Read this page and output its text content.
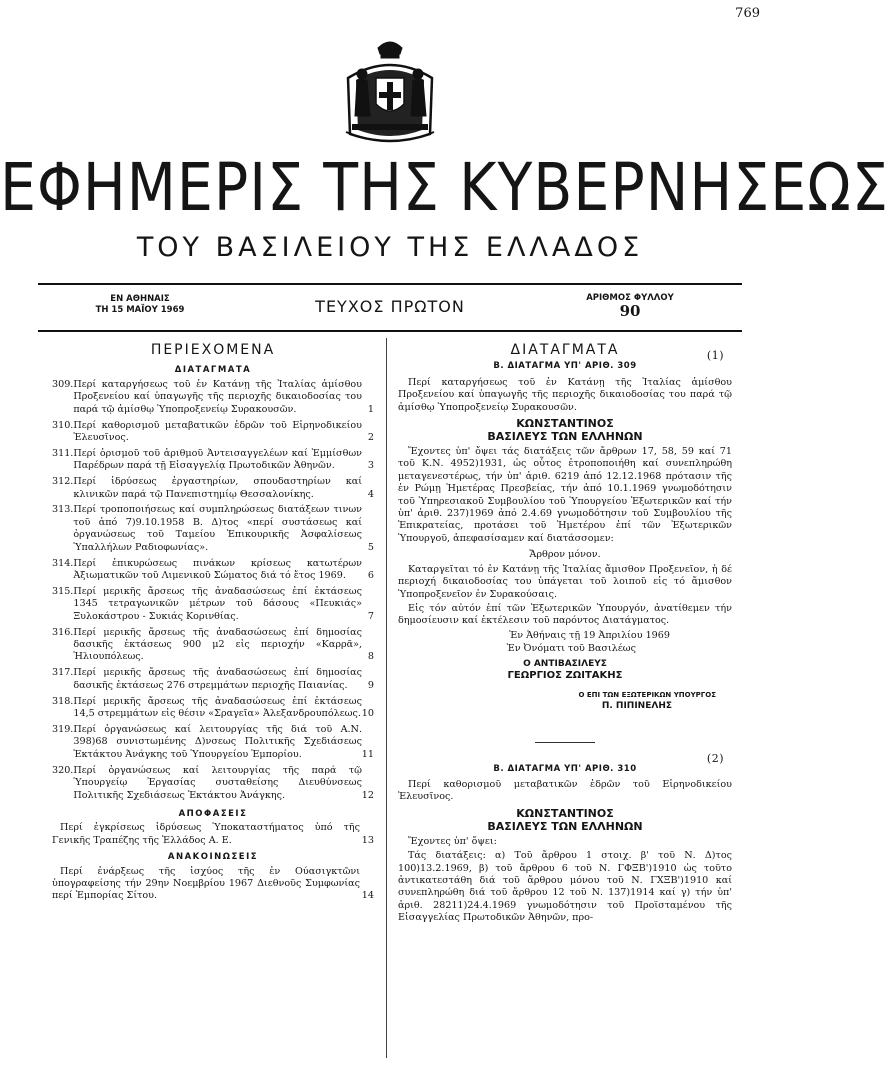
769
ΕΦΗΜΕΡΙΣ ΤΗΣ ΚΥΒΕΡΝΗΣΕΩΣ
ΤΟΥ ΒΑΣΙΛΕΙΟΥ ΤΗΣ ΕΛΛΑΔΟΣ
ΕΝ ΑΘΗΝΑΙΣ
ΤΗ 15 ΜΑΪΟΥ 1969	ΤΕΥΧΟΣ ΠΡΩΤΟΝ	ΑΡΙΘΜΟΣ ΦΥΛΛΟΥ
90
ΠΕΡΙΕΧΟΜΕΝΑ
ΔΙΑΤΑΓΜΑΤΑ
309. Περί καταργήσεως τοῦ ἐν Κατάνῃ τῆς Ἰταλίας ἀμίσθου Προξενείου καί ὑπαγωγῆς τῆς περιοχῆς δικαιοδοσίας του παρά τῷ ἀμίσθῳ Ὑποπροξενείῳ Συρακουσῶν.	1
310. Περί καθορισμοῦ μεταβατικῶν ἑδρῶν τοῦ Εἰρηνοδικείου Ἐλευσῖνος.	2
311. Περί ὁρισμοῦ τοῦ ἀριθμοῦ Ἀντεισαγγελέων καί Ἐμμίσθων Παρέδρων παρά τῇ Εἰσαγγελίᾳ Πρωτοδικῶν Ἀθηνῶν.	3
312. Περί ἱδρύσεως ἐργαστηρίων, σπουδαστηρίων καί κλινικῶν παρά τῷ Πανεπιστημίῳ Θεσσαλονίκης.	4
313. Περί τροποποιήσεως καί συμπληρώσεως διατάξεων τινων τοῦ ἀπό 7)9.10.1958 Β. Δ)τος «περί συστάσεως καί ὀργανώσεως τοῦ Ταμείου Ἐπικουρικῆς Ἀσφαλίσεως Ὑπαλλήλων Ραδιοφωνίας».	5
314. Περί ἐπικυρώσεως πινάκων κρίσεως κατωτέρων Ἀξιωματικῶν τοῦ Λιμενικοῦ Σώματος διά τό ἔτος 1969. 6
315. Περί μερικῆς ἄρσεως τῆς ἀναδασώσεως ἐπί ἐκτάσεως 1345 τετραγωνικῶν μέτρων τοῦ δάσους «Πευκιάς» Ξυλοκάστρου - Συκιάς Κορινθίας.	7
316. Περί μερικῆς ἄρσεως τῆς ἀναδασώσεως ἐπί δημοσίας δασικῆς ἐκτάσεως 900 μ2 εἰς περιοχήν «Καρρᾶ», Ἡλιουπόλεως.	8
317. Περί μερικῆς ἄρσεως τῆς ἀναδασώσεως ἐπί δημοσίας δασικῆς ἐκτάσεως 276 στρεμμάτων περιοχῆς Παιανίας. 9
318. Περί μερικῆς ἄρσεως τῆς ἀναδασώσεως ἐπί ἐκτάσεως 14,5 στρεμμάτων εἰς θέσιν «Σραγεῖα» Ἀλεξανδρουπόλεως. 10
319. Περί ὀργανώσεως καί λειτουργίας τῆς διά τοῦ Α.Ν. 398)68 συνιστωμένης Δ)νσεως Πολιτικῆς Σχεδιάσεως Ἐκτάκτου Ἀνάγκης τοῦ Ὑπουργείου Ἐμπορίου.	11
320. Περί ὀργανώσεως καί λειτουργίας τῆς παρά τῷ Ὑπουργείῳ Ἐργασίας συσταθείσης Διευθύνσεως Πολιτικῆς Σχεδιάσεως Ἐκτάκτου Ἀνάγκης.	12
ΑΠΟΦΑΣΕΙΣ
Περί ἐγκρίσεως ἱδρύσεως Ὑποκαταστήματος ὑπό τῆς Γενικῆς Τραπέζης τῆς Ἑλλάδος Α. Ε.	13
ΑΝΑΚΟΙΝΩΣΕΙΣ
Περί ἐνάρξεως τῆς ἰσχύος τῆς ἐν Ούασιγκτῶνι ὑπογραφείσης τήν 29ην Νοεμβρίου 1967 Διεθνοῦς Συμφωνίας περί Ἐμπορίας Σίτου.	14
ΔΙΑΤΑΓΜΑΤΑ
Β. ΔΙΑΤΑΓΜΑ ΥΠ' ΑΡΙΘ. 309
(1)
Περί καταργήσεως τοῦ ἐν Κατάνῃ τῆς Ἰταλίας ἀμίσθου Προξενείου καί ὑπαγωγῆς τῆς περιοχῆς δικαιοδοσίας του παρά τῷ ἀμίσθῳ Ὑποπροξενείῳ Συρακουσῶν.
ΚΩΝΣΤΑΝΤΙΝΟΣ
ΒΑΣΙΛΕΥΣ ΤΩΝ ΕΛΛΗΝΩΝ
Ἔχοντες ὑπ' ὄψει τάς διατάξεις τῶν ἄρθρων 17, 58, 59 καί 71 τοῦ Κ.Ν. 4952)1931, ὡς οὗτος ἐτροποποιήθη καί συνεπληρώθη μεταγενεστέρως, τήν ὑπ' ἀριθ. 6219 ἀπό 12.12.1968 πρότασιν τῆς ἐν Ρώμῃ Ἡμετέρας Πρεσβείας, τήν ἀπό 10.1.1969 γνωμοδότησιν τοῦ Ὑπηρεσιακοῦ Συμβουλίου τοῦ Ὑπουργείου Ἐξωτερικῶν καί τήν ὑπ' ἀριθ. 237)1969 ἀπό 2.4.69 γνωμοδότησιν τοῦ Συμβουλίου τῆς Ἐπικρατείας, προτάσει τοῦ Ἡμετέρου ἐπί τῶν Ἐξωτερικῶν Ὑπουργοῦ, ἀπεφασίσαμεν καί διατάσσομεν:
Ἄρθρον μόνον.
Καταργεῖται τό ἐν Κατάνῃ τῆς Ἰταλίας ἄμισθον Προξενεῖον, ἡ δέ περιοχή δικαιοδοσίας του ὑπάγεται τοῦ λοιποῦ εἰς τό ἄμισθον Ὑποπροξενεῖον ἐν Συρακούσαις.
Εἰς τόν αὐτόν ἐπί τῶν Ἐξωτερικῶν Ὑπουργόν, ἀνατίθεμεν τήν δημοσίευσιν καί ἐκτέλεσιν τοῦ παρόντος Διατάγματος.
Ἐν Ἀθήναις τῇ 19 Ἀπριλίου 1969
Ἐν Ὀνόματι τοῦ Βασιλέως
Ο ΑΝΤΙΒΑΣΙΛΕΥΣ
ΓΕΩΡΓΙΟΣ ΖΩΙΤΑΚΗΣ
Ο ΕΠΙ ΤΩΝ ΕΞΩΤΕΡΙΚΩΝ ΥΠΟΥΡΓΟΣ
Π. ΠΙΠΙΝΕΛΗΣ
Β. ΔΙΑΤΑΓΜΑ ΥΠ' ΑΡΙΘ. 310
(2)
Περί καθορισμοῦ μεταβατικῶν ἑδρῶν τοῦ Εἰρηνοδικείου Ἐλευσῖνος.
ΚΩΝΣΤΑΝΤΙΝΟΣ
ΒΑΣΙΛΕΥΣ ΤΩΝ ΕΛΛΗΝΩΝ
Ἔχοντες ὑπ' ὄψει:
Τάς διατάξεις: α) Τοῦ ἄρθρου 1 στοιχ. β' τοῦ Ν. Δ)τος 100)13.2.1969, β) τοῦ ἄρθρου 6 τοῦ Ν. ΓΦΞΒ')1910 ὡς τοῦτο ἀντικατεστάθη διά τοῦ ἄρθρου μόνου τοῦ Ν. ΓΧΞΒ')1910 καί συνεπληρώθη διά τοῦ ἄρθρου 12 τοῦ Ν. 137)1914 καί γ) τήν ὑπ' ἀριθ. 28211)24.4.1969 γνωμοδότησιν τοῦ Προϊσταμένου τῆς Εἰσαγγελίας Πρωτοδικῶν Ἀθηνῶν, προ-
